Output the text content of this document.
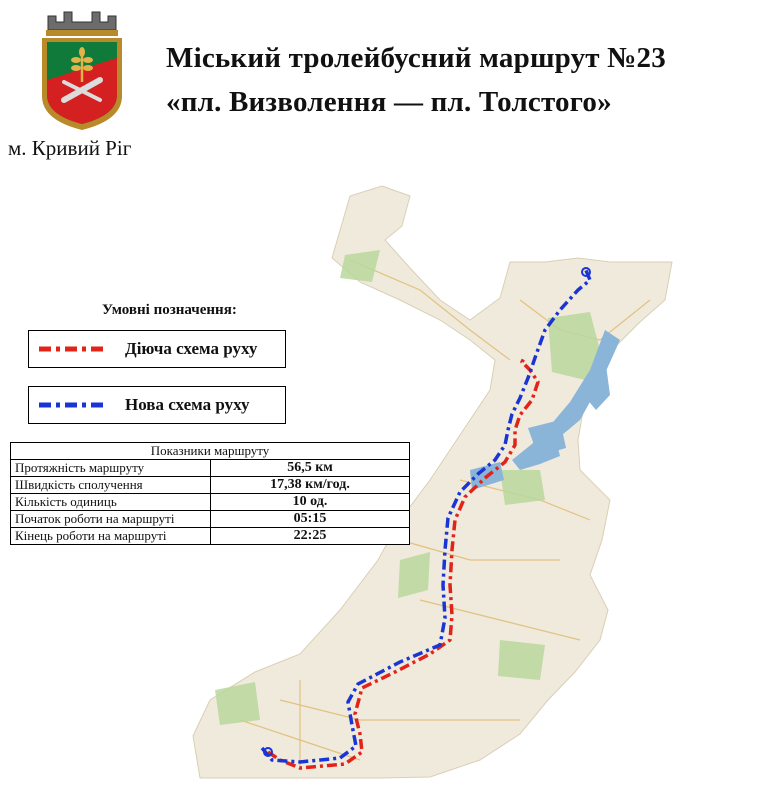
м. Кривий Ріг
Міський тролейбусний маршрут №23
«пл. Визволення — пл. Толстого»
Умовні позначення:
Діюча схема руху
Нова схема руху
Показники маршруту	
Протяжність маршруту	56,5 км
Швидкість сполучення	17,38 км/год.
Кількість одиниць	10 од.
Початок роботи на маршруті	05:15
Кінець роботи на маршруті	22:25
